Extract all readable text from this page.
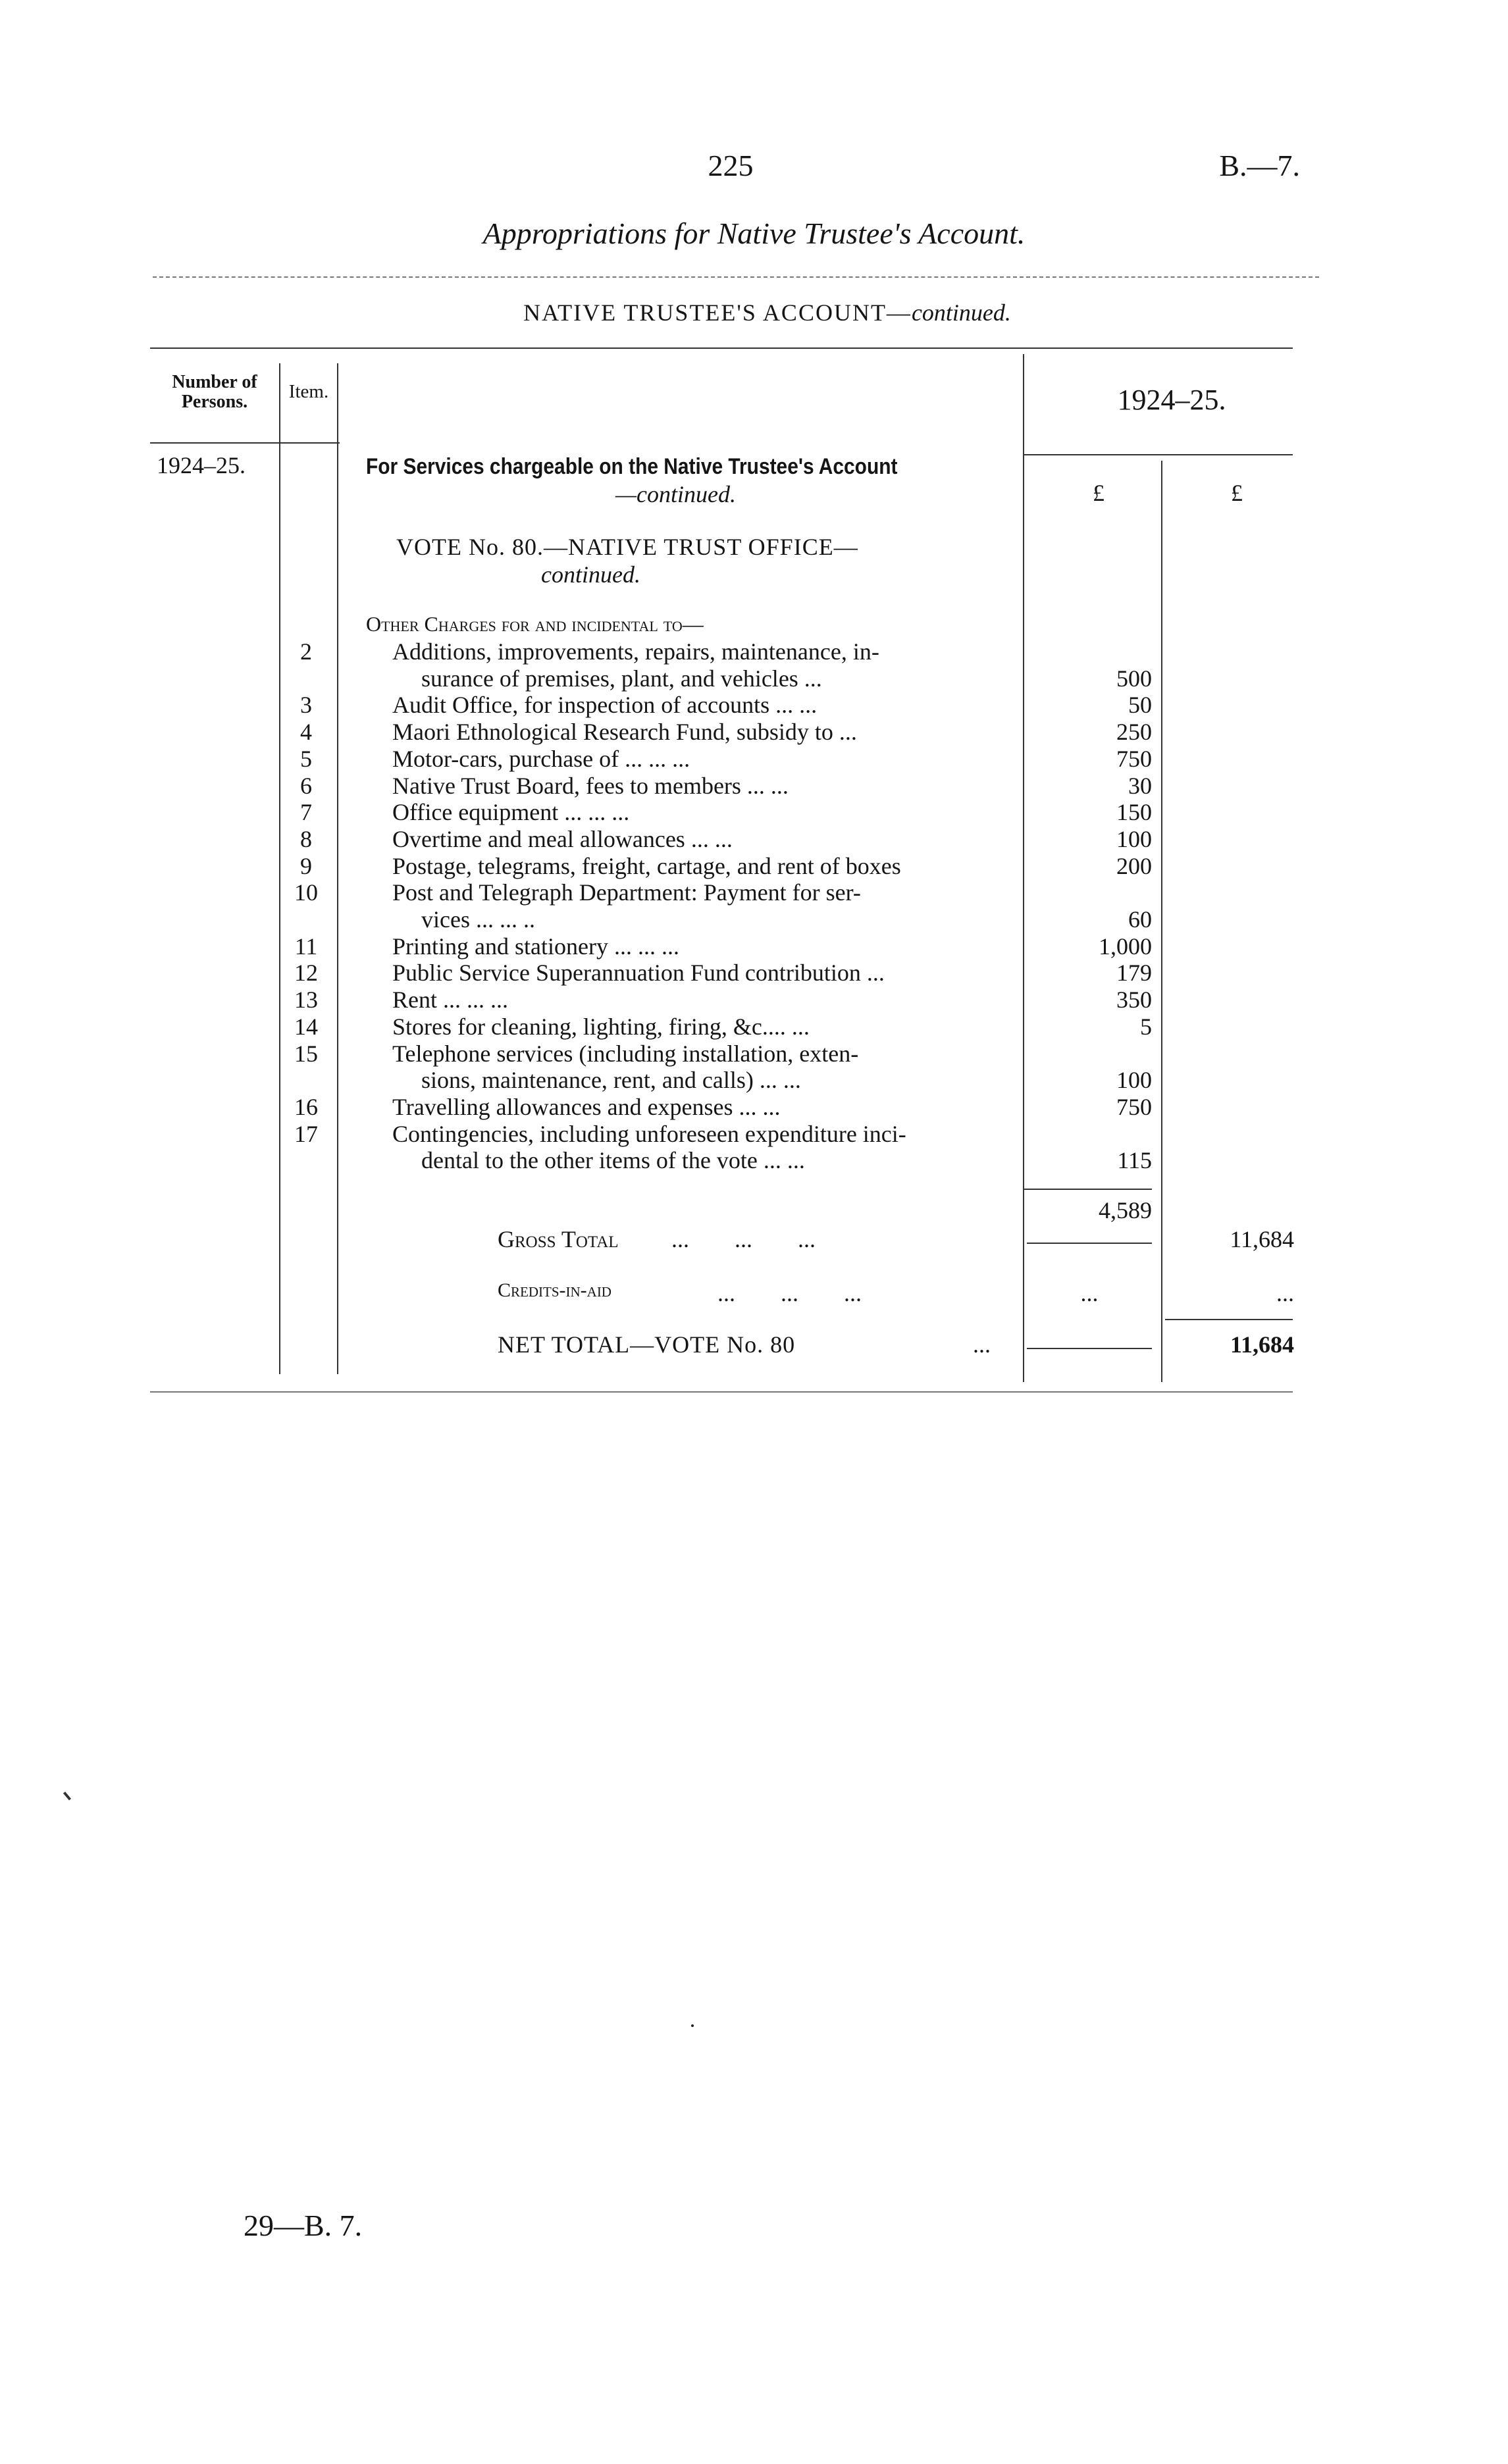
225	B.—7.
Appropriations for Native Trustee's Account.
NATIVE TRUSTEE'S ACCOUNT—continued.
Number of Persons.	Item.	1924–25.
1924–25.	For Services chargeable on the Native Trustee's Account
—continued.	£	£
VOTE No. 80.—NATIVE TRUST OFFICE—
continued.
Other Charges for and incidental to—
2	Additions, improvements, repairs, maintenance, in-
surance of premises, plant, and vehicles ...	500
3	Audit Office, for inspection of accounts ... ...	50
4	Maori Ethnological Research Fund, subsidy to ...	250
5	Motor-cars, purchase of ... ... ...	750
6	Native Trust Board, fees to members ... ...	30
7	Office equipment ... ... ...	150
8	Overtime and meal allowances ... ...	100
9	Postage, telegrams, freight, cartage, and rent of boxes	200
10	Post and Telegraph Department: Payment for ser-
vices ... ... ..	60
11	Printing and stationery ... ... ...	1,000
12	Public Service Superannuation Fund contribution ...	179
13	Rent ... ... ...	350
14	Stores for cleaning, lighting, firing, &c.... ...	5
15	Telephone services (including installation, exten-
sions, maintenance, rent, and calls) ... ...	100
16	Travelling allowances and expenses ... ...	750
17	Contingencies, including unforeseen expenditure inci-
dental to the other items of the vote ... ...	115
4,589
Gross Total ... ... ...	11,684
Credits-in-aid	... ... ...	...	...
NET TOTAL—VOTE No. 80	...	11,684
29—B. 7.
